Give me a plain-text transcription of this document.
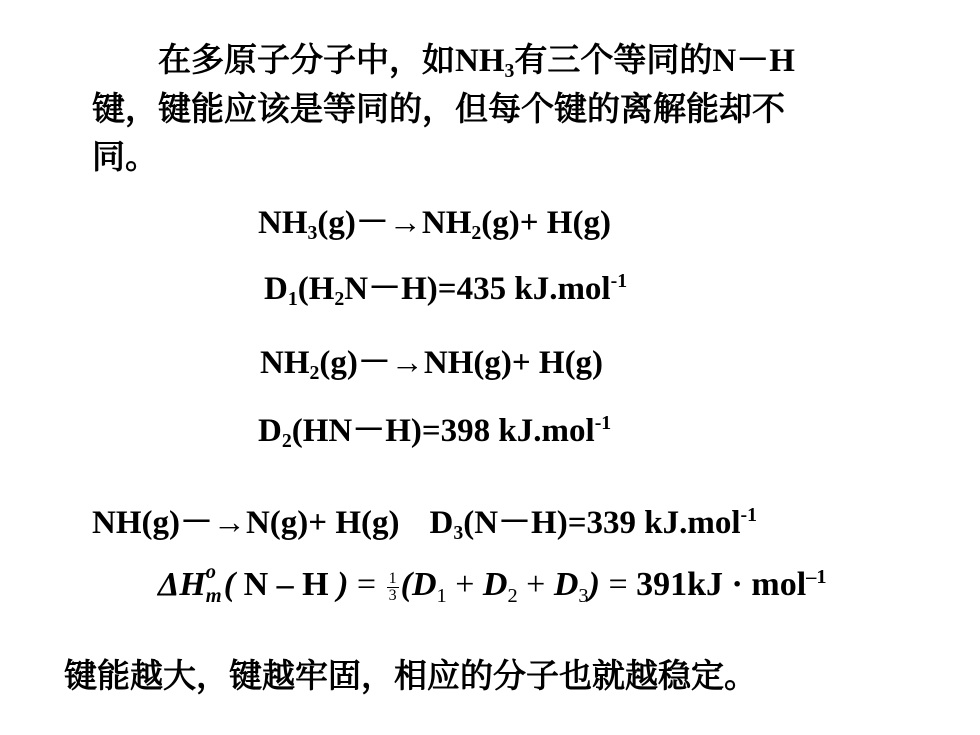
在多原子分子中，如$NH_3$有三个等同的N－H
键，键能应该是等同的，但每个键的离解能却不
同。
$NH_3(g)-\to NH_2(g)+ H(g)$
$D_1(H_2N-H)=435$ kJ.mol$^{-1}$
$NH_2(g)-\to NH(g)+ H(g)$
$D_2(HN-H)=398$ kJ.mol$^{-1}$
NH(g)－→N(g)+ H(g) $D_3(N-H)=339$ kJ.mol$^{-1}$
ΔH o
m ( N – H ) = $\frac{1}{3} (D_1 + D_2 + D_3) = 391kJ \cdot mol^{-1}$
键能越大，键越牢固，相应的分子也就越稳定。
